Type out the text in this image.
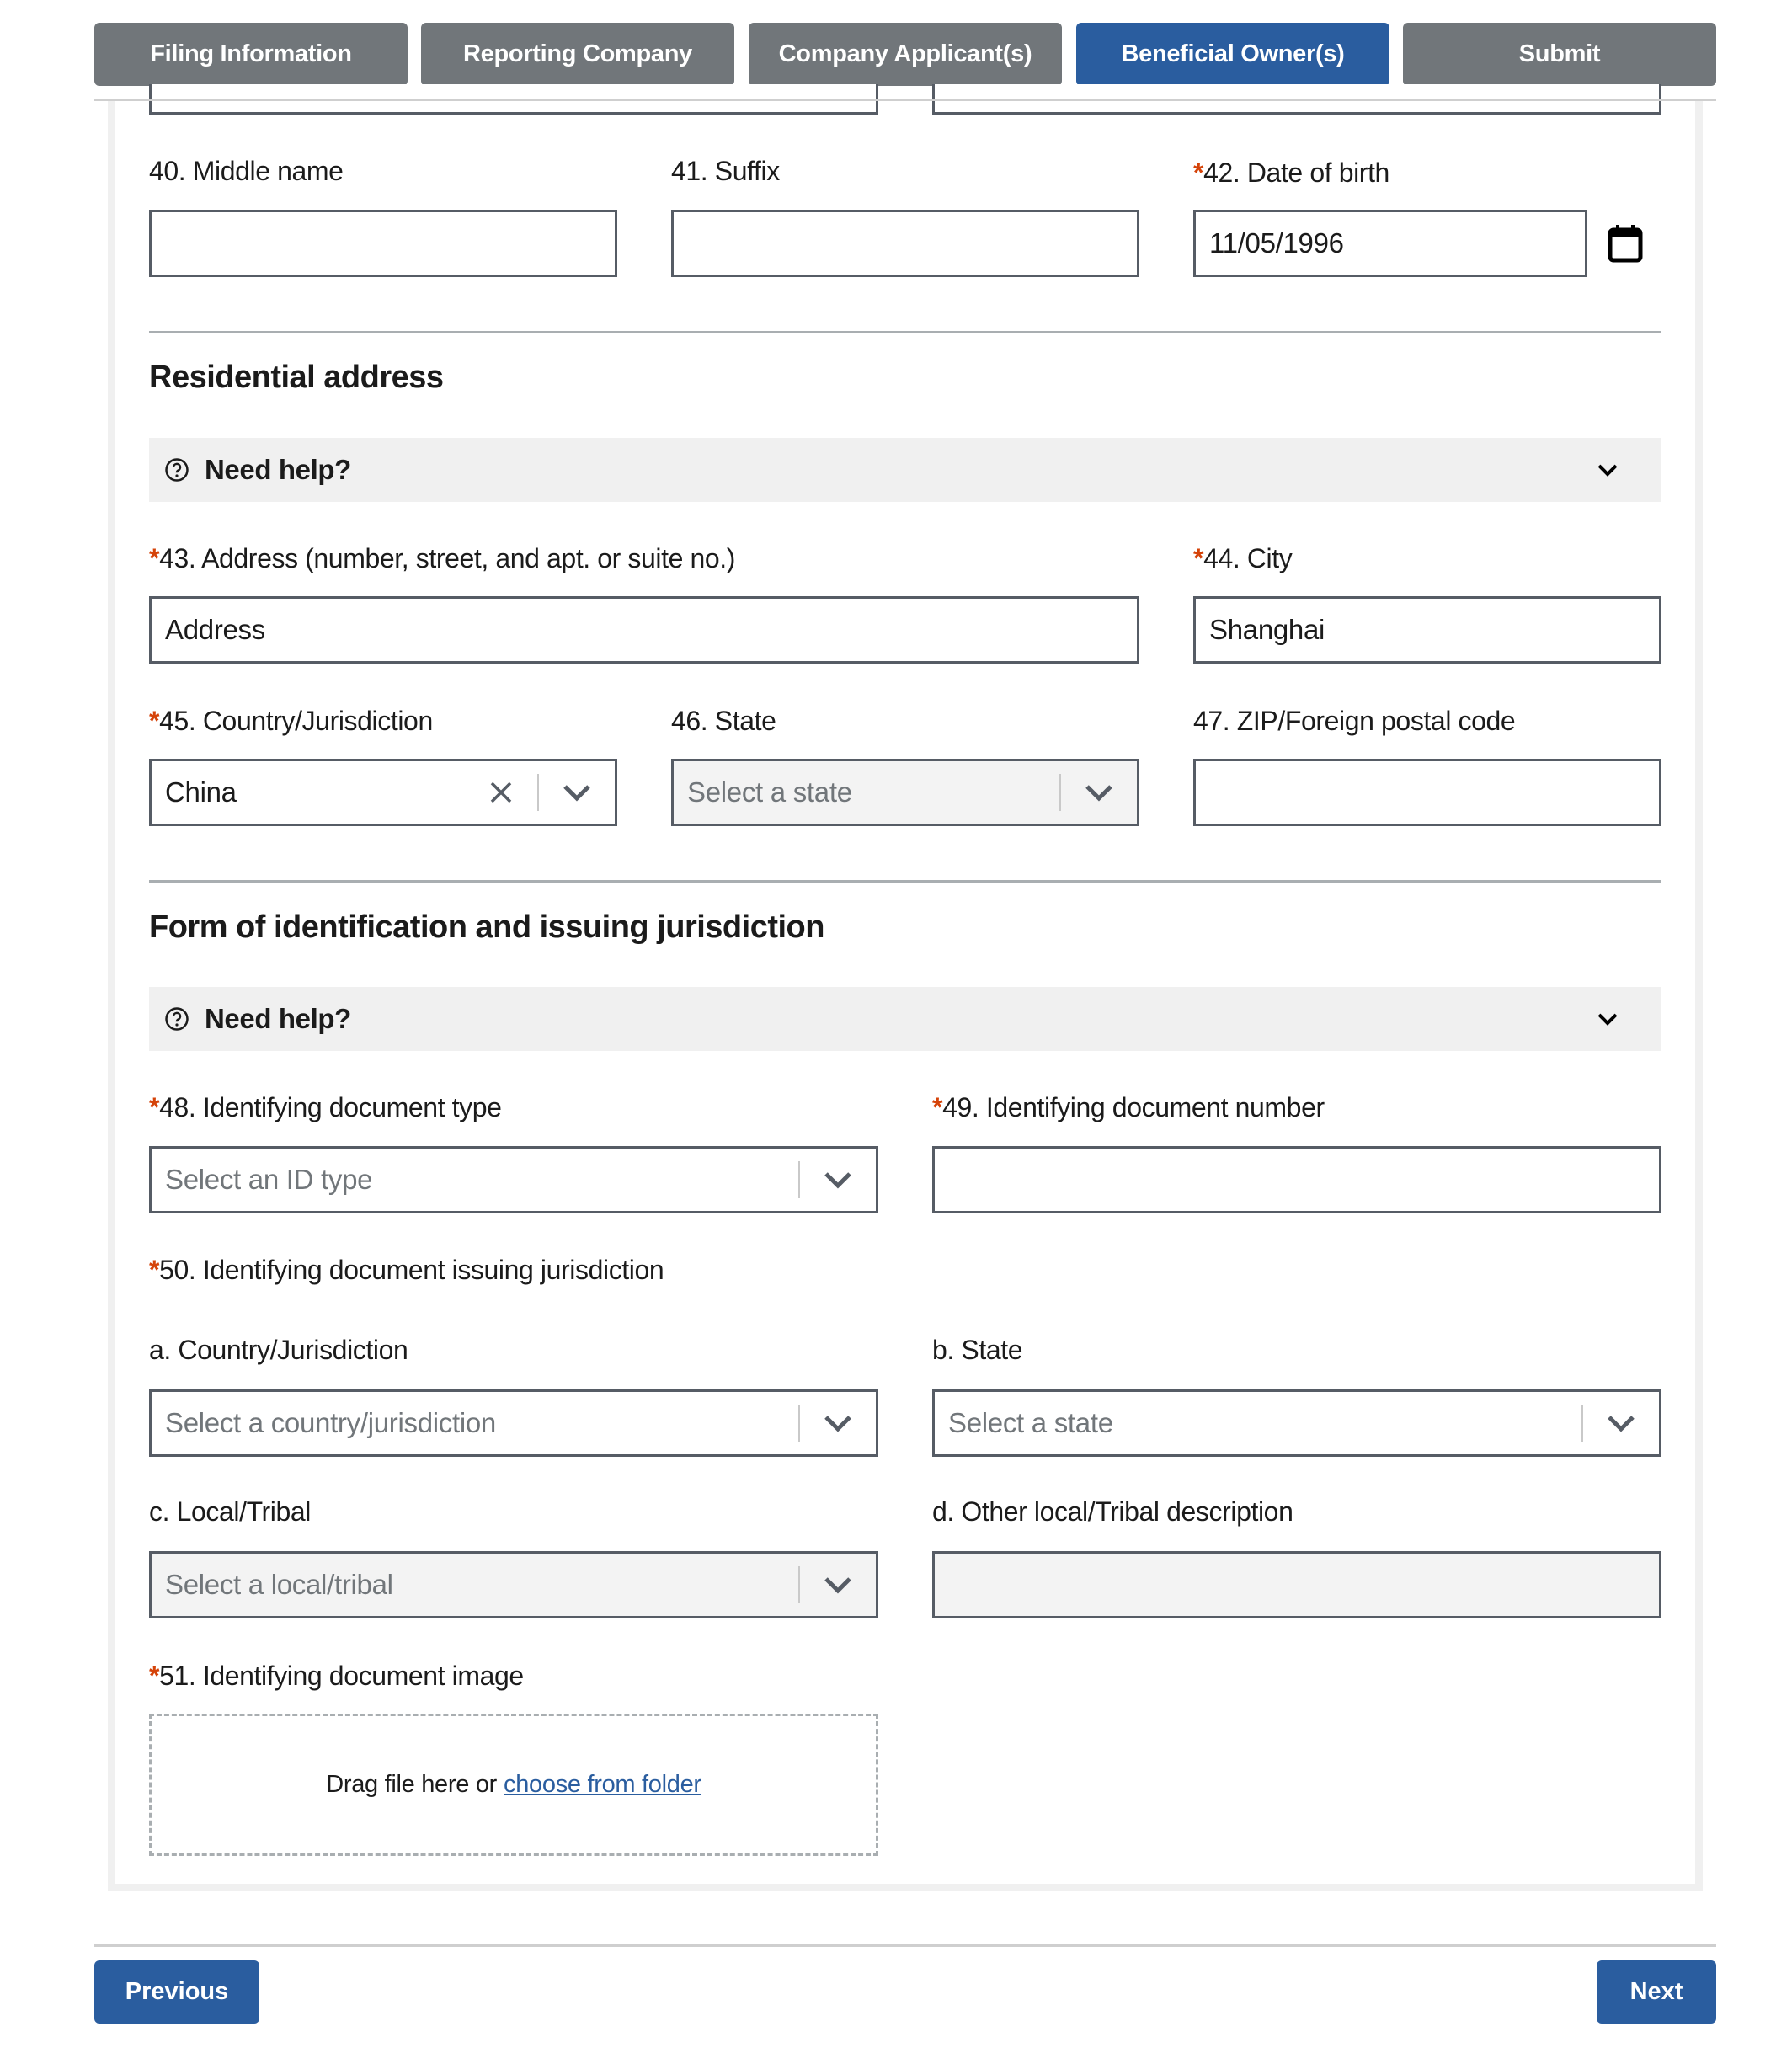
Filing Information	Reporting Company	Company Applicant(s)	Beneficial Owner(s)	Submit
40. Middle name	41. Suffix	*42. Date of birth
11/05/1996
Residential address
Need help?
*43. Address (number, street, and apt. or suite no.)
Address
*44. City
Shanghai
*45. Country/Jurisdiction
China
46. State
Select a state
47. ZIP/Foreign postal code
Form of identification and issuing jurisdiction
Need help?
*48. Identifying document type
Select an ID type
*49. Identifying document number
*50. Identifying document issuing jurisdiction
a. Country/Jurisdiction
Select a country/jurisdiction
b. State
Select a state
c. Local/Tribal
Select a local/tribal
d. Other local/Tribal description
*51. Identifying document image
Drag file here or choose from folder
Previous	Next
